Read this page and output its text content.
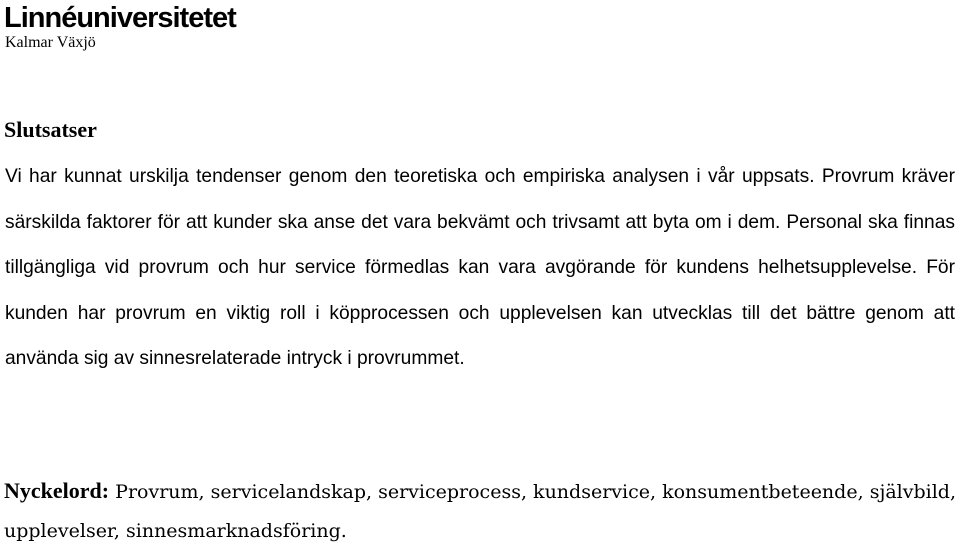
Linnéuniversitetet
Kalmar Växjö
Slutsatser

Vi har kunnat urskilja tendenser genom den teoretiska och empiriska analysen i vår uppsats. Provrum kräver särskilda faktorer för att kunder ska anse det vara bekvämt och trivsamt att byta om i dem. Personal ska finnas tillgängliga vid provrum och hur service förmedlas kan vara avgörande för kundens helhetsupplevelse. För kunden har provrum en viktig roll i köpprocessen och upplevelsen kan utvecklas till det bättre genom att använda sig av sinnesrelaterade intryck i provrummet.

Nyckelord: Provrum, servicelandskap, serviceprocess, kundservice, konsumentbeteende, självbild, upplevelser, sinnesmarknadsföring.
